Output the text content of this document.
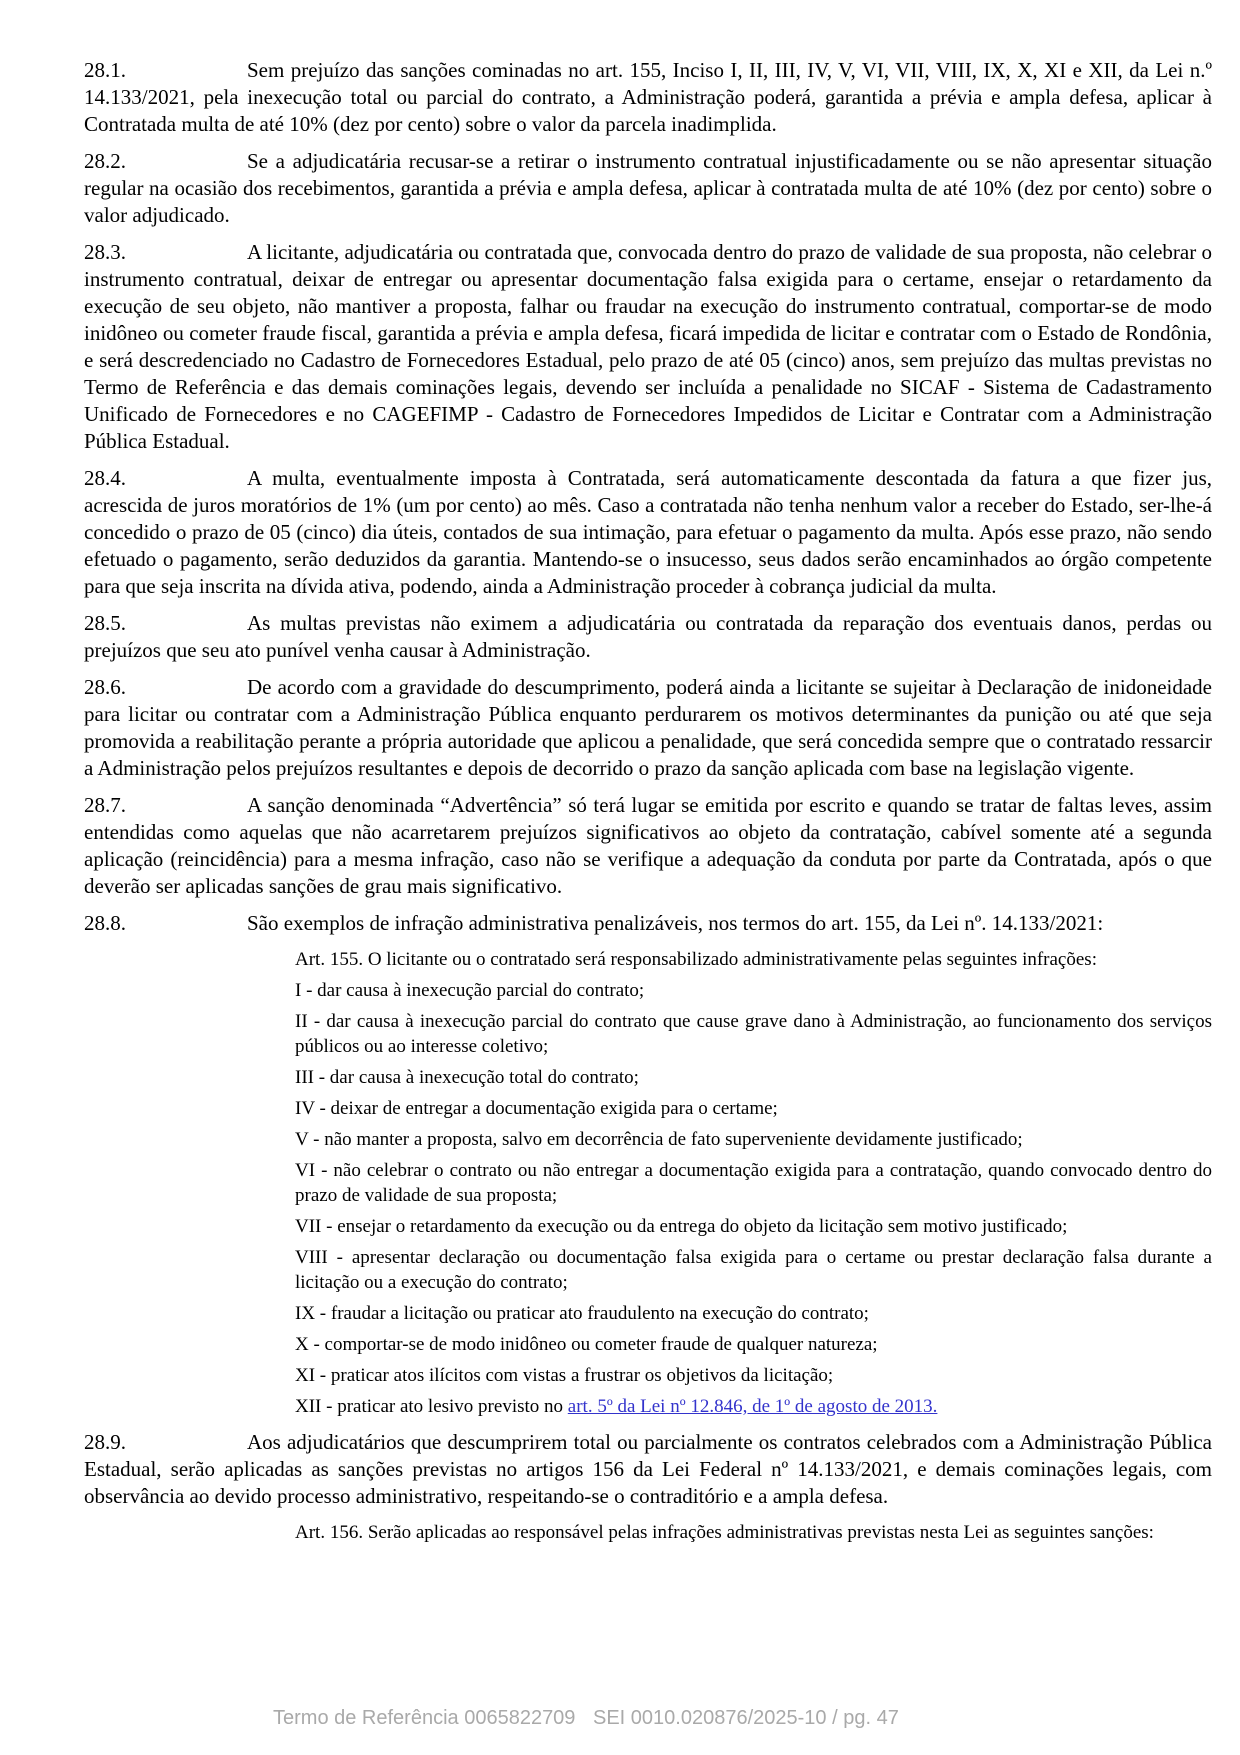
28.1.	Sem prejuízo das sanções cominadas no art. 155, Inciso I, II, III, IV, V, VI, VII, VIII, IX, X, XI e XII, da Lei n.º 14.133/2021, pela inexecução total ou parcial do contrato, a Administração poderá, garantida a prévia e ampla defesa, aplicar à Contratada multa de até 10% (dez por cento) sobre o valor da parcela inadimplida.

28.2.	Se a adjudicatária recusar-se a retirar o instrumento contratual injustificadamente ou se não apresentar situação regular na ocasião dos recebimentos, garantida a prévia e ampla defesa, aplicar à contratada multa de até 10% (dez por cento) sobre o valor adjudicado.

28.3.	A licitante, adjudicatária ou contratada que, convocada dentro do prazo de validade de sua proposta, não celebrar o instrumento contratual, deixar de entregar ou apresentar documentação falsa exigida para o certame, ensejar o retardamento da execução de seu objeto, não mantiver a proposta, falhar ou fraudar na execução do instrumento contratual, comportar-se de modo inidôneo ou cometer fraude fiscal, garantida a prévia e ampla defesa, ficará impedida de licitar e contratar com o Estado de Rondônia, e será descredenciado no Cadastro de Fornecedores Estadual, pelo prazo de até 05 (cinco) anos, sem prejuízo das multas previstas no Termo de Referência e das demais cominações legais, devendo ser incluída a penalidade no SICAF - Sistema de Cadastramento Unificado de Fornecedores e no CAGEFIMP - Cadastro de Fornecedores Impedidos de Licitar e Contratar com a Administração Pública Estadual.

28.4.	A multa, eventualmente imposta à Contratada, será automaticamente descontada da fatura a que fizer jus, acrescida de juros moratórios de 1% (um por cento) ao mês. Caso a contratada não tenha nenhum valor a receber do Estado, ser-lhe-á concedido o prazo de 05 (cinco) dia úteis, contados de sua intimação, para efetuar o pagamento da multa. Após esse prazo, não sendo efetuado o pagamento, serão deduzidos da garantia. Mantendo-se o insucesso, seus dados serão encaminhados ao órgão competente para que seja inscrita na dívida ativa, podendo, ainda a Administração proceder à cobrança judicial da multa.

28.5.	As multas previstas não eximem a adjudicatária ou contratada da reparação dos eventuais danos, perdas ou prejuízos que seu ato punível venha causar à Administração.

28.6.	De acordo com a gravidade do descumprimento, poderá ainda a licitante se sujeitar à Declaração de inidoneidade para licitar ou contratar com a Administração Pública enquanto perdurarem os motivos determinantes da punição ou até que seja promovida a reabilitação perante a própria autoridade que aplicou a penalidade, que será concedida sempre que o contratado ressarcir a Administração pelos prejuízos resultantes e depois de decorrido o prazo da sanção aplicada com base na legislação vigente.

28.7.	A sanção denominada “Advertência” só terá lugar se emitida por escrito e quando se tratar de faltas leves, assim entendidas como aquelas que não acarretarem prejuízos significativos ao objeto da contratação, cabível somente até a segunda aplicação (reincidência) para a mesma infração, caso não se verifique a adequação da conduta por parte da Contratada, após o que deverão ser aplicadas sanções de grau mais significativo.

28.8.	São exemplos de infração administrativa penalizáveis, nos termos do art. 155, da Lei nº. 14.133/2021:

Art. 155. O licitante ou o contratado será responsabilizado administrativamente pelas seguintes infrações:

I - dar causa à inexecução parcial do contrato;

II - dar causa à inexecução parcial do contrato que cause grave dano à Administração, ao funcionamento dos serviços públicos ou ao interesse coletivo;

III - dar causa à inexecução total do contrato;

IV - deixar de entregar a documentação exigida para o certame;

V - não manter a proposta, salvo em decorrência de fato superveniente devidamente justificado;

VI - não celebrar o contrato ou não entregar a documentação exigida para a contratação, quando convocado dentro do prazo de validade de sua proposta;

VII - ensejar o retardamento da execução ou da entrega do objeto da licitação sem motivo justificado;

VIII - apresentar declaração ou documentação falsa exigida para o certame ou prestar declaração falsa durante a licitação ou a execução do contrato;

IX - fraudar a licitação ou praticar ato fraudulento na execução do contrato;

X - comportar-se de modo inidôneo ou cometer fraude de qualquer natureza;

XI - praticar atos ilícitos com vistas a frustrar os objetivos da licitação;

XII - praticar ato lesivo previsto no art. 5º da Lei nº 12.846, de 1º de agosto de 2013.

28.9.	Aos adjudicatários que descumprirem total ou parcialmente os contratos celebrados com a Administração Pública Estadual, serão aplicadas as sanções previstas no artigos 156 da Lei Federal nº 14.133/2021, e demais cominações legais, com observância ao devido processo administrativo, respeitando-se o contraditório e a ampla defesa.

Art. 156. Serão aplicadas ao responsável pelas infrações administrativas previstas nesta Lei as seguintes sanções:

Termo de Referência 0065822709 SEI 0010.020876/2025-10 / pg. 47
